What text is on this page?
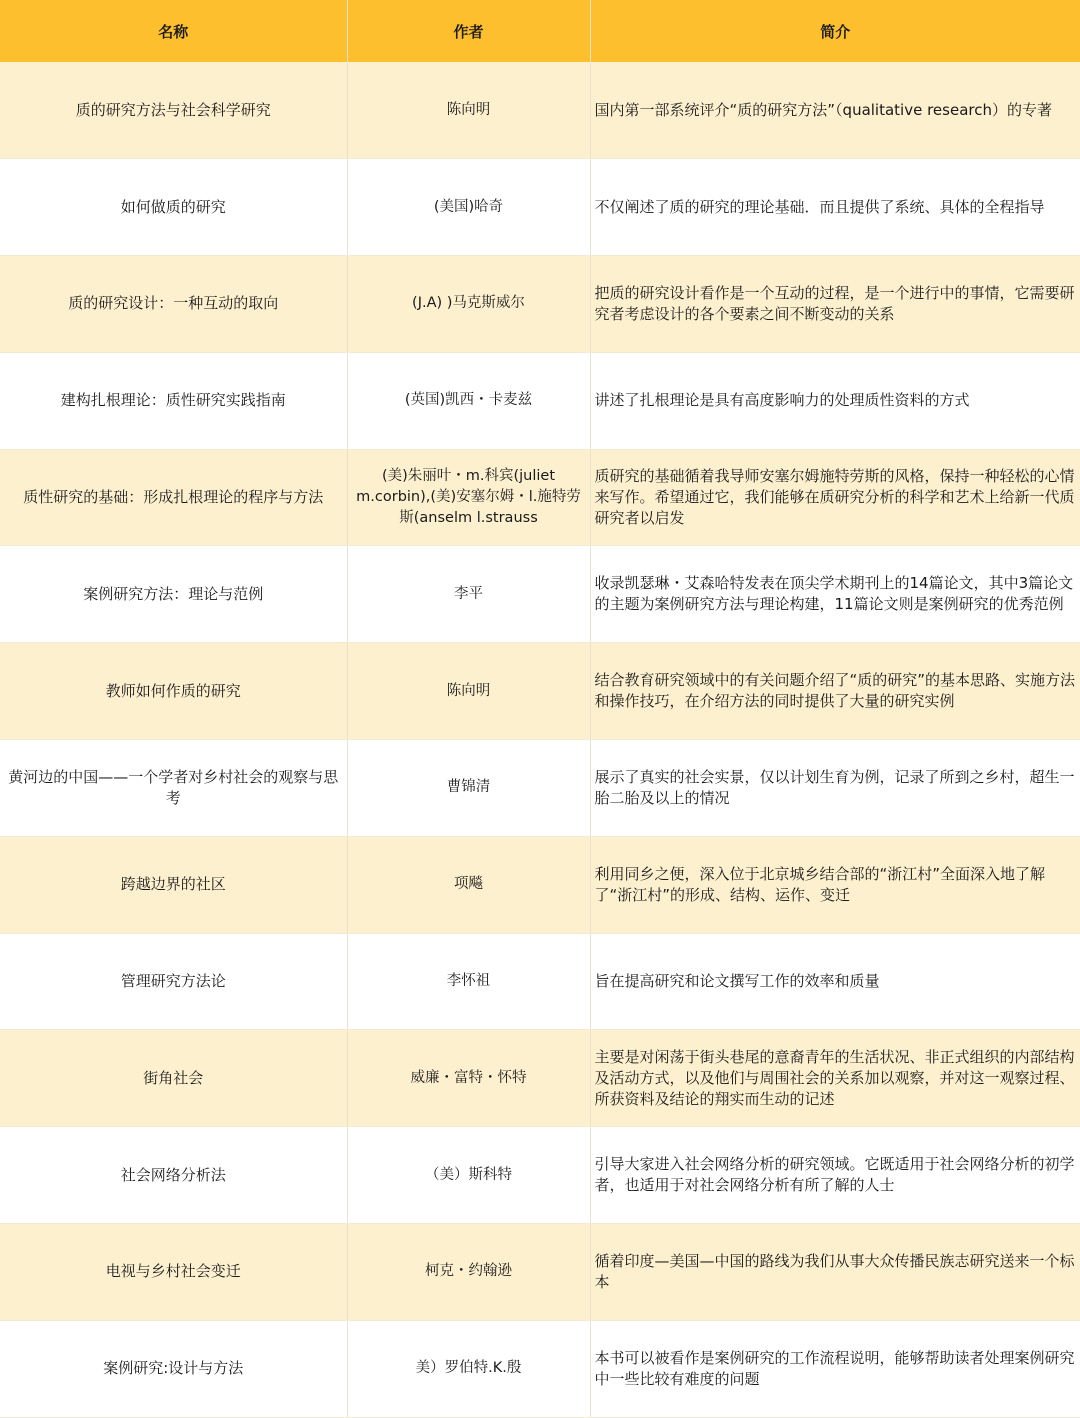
名称	作者	简介
质的研究方法与社会科学研究	陈向明	国内第一部系统评介“质的研究方法”（qualitative research）的专著
如何做质的研究	(美国)哈奇	不仅阐述了质的研究的理论基础．而且提供了系统、具体的全程指导
质的研究设计：一种互动的取向	(J.A) )马克斯威尔	把质的研究设计看作是一个互动的过程，是一个进行中的事情，它需要研究者考虑设计的各个要素之间不断变动的关系
建构扎根理论：质性研究实践指南	(英国)凯西・卡麦兹	讲述了扎根理论是具有高度影响力的处理质性资料的方式
质性研究的基础：形成扎根理论的程序与方法	(美)朱丽叶・m.科宾(juliet m.corbin),(美)安塞尔姆・l.施特劳斯(anselm l.strauss	质研究的基础循着我导师安塞尔姆施特劳斯的风格，保持一种轻松的心情来写作。希望通过它，我们能够在质研究分析的科学和艺术上给新一代质研究者以启发
案例研究方法：理论与范例	李平	收录凯瑟琳・艾森哈特发表在顶尖学术期刊上的14篇论文，其中3篇论文的主题为案例研究方法与理论构建，11篇论文则是案例研究的优秀范例
教师如何作质的研究	陈向明	结合教育研究领域中的有关问题介绍了“质的研究”的基本思路、实施方法和操作技巧，在介绍方法的同时提供了大量的研究实例
黄河边的中国——一个学者对乡村社会的观察与思考	曹锦清	展示了真实的社会实景，仅以计划生育为例，记录了所到之乡村，超生一胎二胎及以上的情况
跨越边界的社区	项飚	利用同乡之便，深入位于北京城乡结合部的“浙江村”全面深入地了解了“浙江村”的形成、结构、运作、变迁
管理研究方法论	李怀祖	旨在提高研究和论文撰写工作的效率和质量
街角社会	威廉・富特・怀特	主要是对闲荡于街头巷尾的意裔青年的生活状况、非正式组织的内部结构及活动方式，以及他们与周围社会的关系加以观察，并对这一观察过程、所获资料及结论的翔实而生动的记述
社会网络分析法	（美）斯科特	引导大家进入社会网络分析的研究领域。它既适用于社会网络分析的初学者，也适用于对社会网络分析有所了解的人士
电视与乡村社会变迁	柯克・约翰逊	循着印度—美国—中国的路线为我们从事大众传播民族志研究送来一个标本
案例研究:设计与方法	美）罗伯特.K.殷	本书可以被看作是案例研究的工作流程说明，能够帮助读者处理案例研究中一些比较有难度的问题
